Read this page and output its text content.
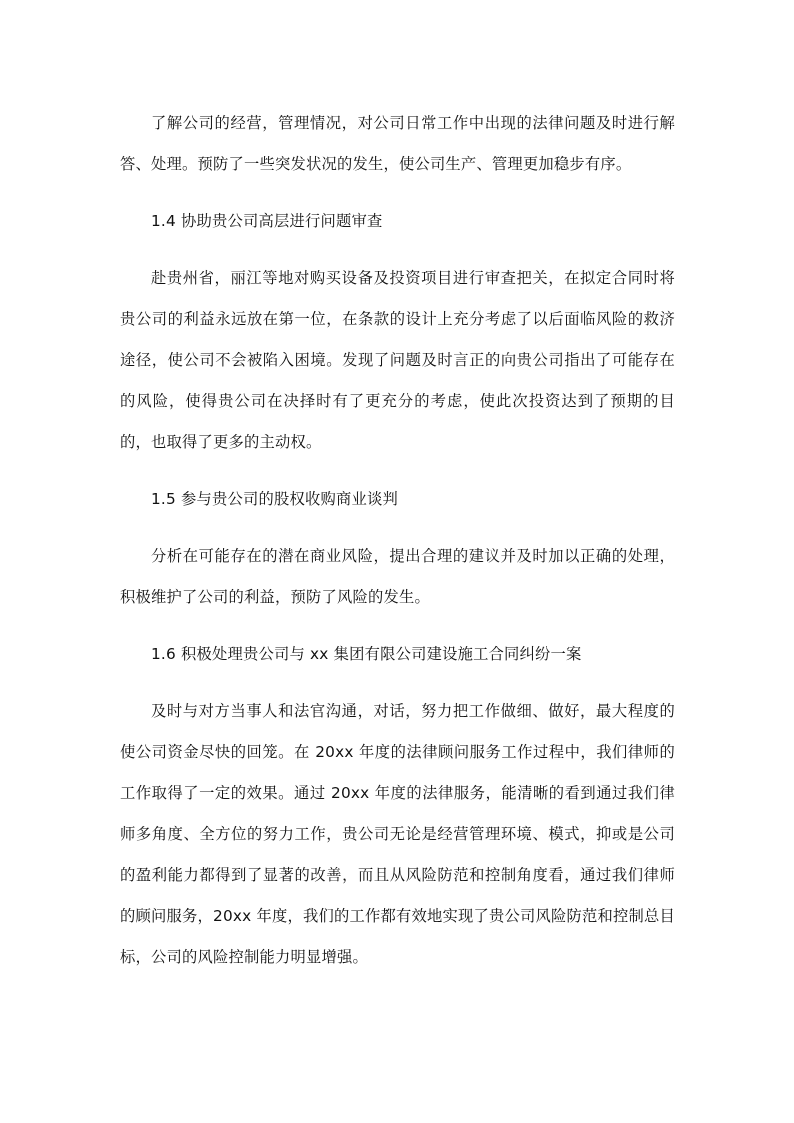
了解公司的经营，管理情况，对公司日常工作中出现的法律问题及时进行解答、处理。预防了一些突发状况的发生，使公司生产、管理更加稳步有序。

1.4 协助贵公司高层进行问题审查

赴贵州省，丽江等地对购买设备及投资项目进行审查把关，在拟定合同时将贵公司的利益永远放在第一位，在条款的设计上充分考虑了以后面临风险的救济途径，使公司不会被陷入困境。发现了问题及时言正的向贵公司指出了可能存在的风险，使得贵公司在决择时有了更充分的考虑，使此次投资达到了预期的目的，也取得了更多的主动权。

1.5 参与贵公司的股权收购商业谈判

分析在可能存在的潜在商业风险，提出合理的建议并及时加以正确的处理，积极维护了公司的利益，预防了风险的发生。

1.6 积极处理贵公司与 xx 集团有限公司建设施工合同纠纷一案

及时与对方当事人和法官沟通，对话，努力把工作做细、做好，最大程度的使公司资金尽快的回笼。在 20xx 年度的法律顾问服务工作过程中，我们律师的工作取得了一定的效果。通过 20xx 年度的法律服务，能清晰的看到通过我们律师多角度、全方位的努力工作，贵公司无论是经营管理环境、模式，抑或是公司的盈利能力都得到了显著的改善，而且从风险防范和控制角度看，通过我们律师的顾问服务，20xx 年度，我们的工作都有效地实现了贵公司风险防范和控制总目标，公司的风险控制能力明显增强。
